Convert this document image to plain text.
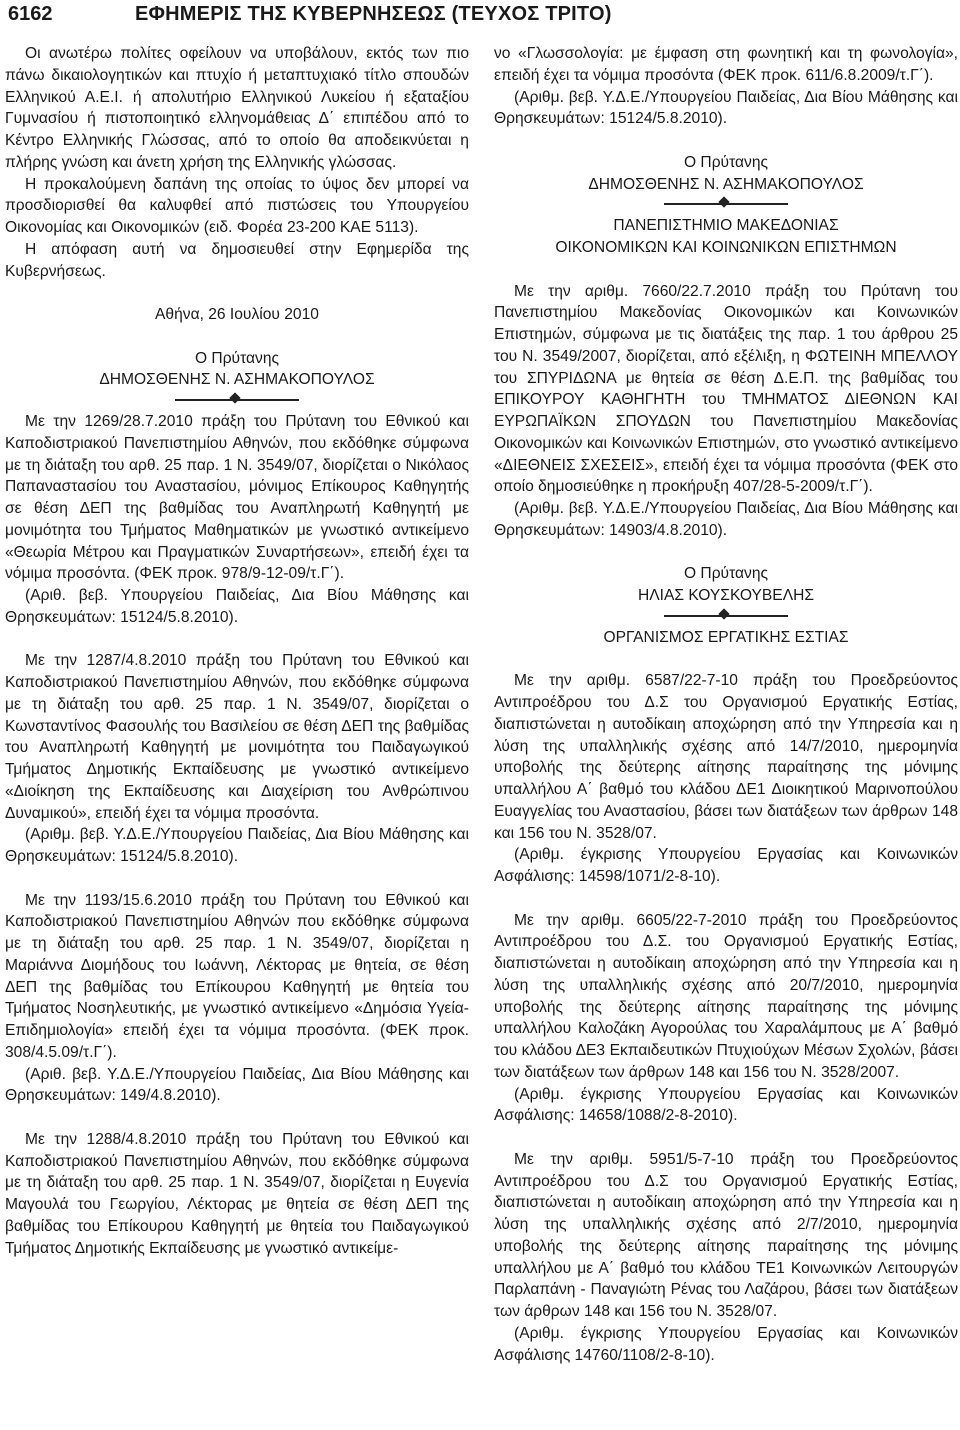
6162	ΕΦΗΜΕΡΙΣ ΤΗΣ ΚΥΒΕΡΝΗΣΕΩΣ (ΤΕΥΧΟΣ ΤΡΙΤΟ)

Οι ανωτέρω πολίτες οφείλουν να υποβάλουν, εκτός των πιο πάνω δικαιολογητικών και πτυχίο ή μεταπτυχιακό τίτλο σπουδών Ελληνικού Α.Ε.Ι. ή απολυτήριο Ελληνικού Λυκείου ή εξαταξίου Γυμνασίου ή πιστοποιητικό ελληνομάθειας Δ΄ επιπέδου από το Κέντρο Ελληνικής Γλώσσας, από το οποίο θα αποδεικνύεται η πλήρης γνώση και άνετη χρήση της Ελληνικής γλώσσας.

Η προκαλούμενη δαπάνη της οποίας το ύψος δεν μπορεί να προσδιορισθεί θα καλυφθεί από πιστώσεις του Υπουργείου Οικονομίας και Οικονομικών (ειδ. Φορέα 23-200 ΚΑΕ 5113).

Η απόφαση αυτή να δημοσιευθεί στην Εφημερίδα της Κυβερνήσεως.

Αθήνα, 26 Ιουλίου 2010
Ο Πρύτανης
ΔΗΜΟΣΘΕΝΗΣ Ν. ΑΣΗΜΑΚΟΠΟΥΛΟΣ

Με την 1269/28.7.2010 πράξη του Πρύτανη του Εθνικού και Καποδιστριακού Πανεπιστημίου Αθηνών, που εκδόθηκε σύμφωνα με τη διάταξη του αρθ. 25 παρ. 1 Ν. 3549/07, διορίζεται ο Νικόλαος Παπαναστασίου του Αναστασίου, μόνιμος Επίκουρος Καθηγητής σε θέση ΔΕΠ της βαθμίδας του Αναπληρωτή Καθηγητή με μονιμότητα του Τμήματος Μαθηματικών με γνωστικό αντικείμενο «Θεωρία Μέτρου και Πραγματικών Συναρτήσεων», επειδή έχει τα νόμιμα προσόντα. (ΦΕΚ προκ. 978/9-12-09/τ.Γ΄).

(Αριθ. βεβ. Υπουργείου Παιδείας, Δια Βίου Μάθησης και Θρησκευμάτων: 15124/5.8.2010).

Με την 1287/4.8.2010 πράξη του Πρύτανη του Εθνικού και Καποδιστριακού Πανεπιστημίου Αθηνών, που εκδόθηκε σύμφωνα με τη διάταξη του αρθ. 25 παρ. 1 Ν. 3549/07, διορίζεται ο Κωνσταντίνος Φασουλής του Βασιλείου σε θέση ΔΕΠ της βαθμίδας του Αναπληρωτή Καθηγητή με μονιμότητα του Παιδαγωγικού Τμήματος Δημοτικής Εκπαίδευσης με γνωστικό αντικείμενο «Διοίκηση της Εκπαίδευσης και Διαχείριση του Ανθρώπινου Δυναμικού», επειδή έχει τα νόμιμα προσόντα.

(Αριθμ. βεβ. Υ.Δ.Ε./Υπουργείου Παιδείας, Δια Βίου Μάθησης και Θρησκευμάτων: 15124/5.8.2010).

Με την 1193/15.6.2010 πράξη του Πρύτανη του Εθνικού και Καποδιστριακού Πανεπιστημίου Αθηνών που εκδόθηκε σύμφωνα με τη διάταξη του αρθ. 25 παρ. 1 Ν. 3549/07, διορίζεται η Μαριάννα Διομήδους του Ιωάννη, Λέκτορας με θητεία, σε θέση ΔΕΠ της βαθμίδας του Επίκουρου Καθηγητή με θητεία του Τμήματος Νοσηλευτικής, με γνωστικό αντικείμενο «Δημόσια Υγεία-Επιδημιολογία» επειδή έχει τα νόμιμα προσόντα. (ΦΕΚ προκ. 308/4.5.09/τ.Γ΄).

(Αριθ. βεβ. Υ.Δ.Ε./Υπουργείου Παιδείας, Δια Βίου Μάθησης και Θρησκευμάτων: 149/4.8.2010).

Με την 1288/4.8.2010 πράξη του Πρύτανη του Εθνικού και Καποδιστριακού Πανεπιστημίου Αθηνών, που εκδόθηκε σύμφωνα με τη διάταξη του αρθ. 25 παρ. 1 Ν. 3549/07, διορίζεται η Ευγενία Μαγουλά του Γεωργίου, Λέκτορας με θητεία σε θέση ΔΕΠ της βαθμίδας του Επίκουρου Καθηγητή με θητεία του Παιδαγωγικού Τμήματος Δημοτικής Εκπαίδευσης με γνωστικό αντικείμε-

νο «Γλωσσολογία: με έμφαση στη φωνητική και τη φωνολογία», επειδή έχει τα νόμιμα προσόντα (ΦΕΚ προκ. 611/6.8.2009/τ.Γ΄).

(Αριθμ. βεβ. Υ.Δ.Ε./Υπουργείου Παιδείας, Δια Βίου Μάθησης και Θρησκευμάτων: 15124/5.8.2010).

Ο Πρύτανης
ΔΗΜΟΣΘΕΝΗΣ Ν. ΑΣΗΜΑΚΟΠΟΥΛΟΣ
ΠΑΝΕΠΙΣΤΗΜΙΟ ΜΑΚΕΔΟΝΙΑΣ
ΟΙΚΟΝΟΜΙΚΩΝ ΚΑΙ ΚΟΙΝΩΝΙΚΩΝ ΕΠΙΣΤΗΜΩΝ

Με την αριθμ. 7660/22.7.2010 πράξη του Πρύτανη του Πανεπιστημίου Μακεδονίας Οικονομικών και Κοινωνικών Επιστημών, σύμφωνα με τις διατάξεις της παρ. 1 του άρθρου 25 του Ν. 3549/2007, διορίζεται, από εξέλιξη, η ΦΩΤΕΙΝΗ ΜΠΕΛΛΟΥ του ΣΠΥΡΙΔΩΝΑ με θητεία σε θέση Δ.Ε.Π. της βαθμίδας του ΕΠΙΚΟΥΡΟΥ ΚΑΘΗΓΗΤΗ του ΤΜΗΜΑΤΟΣ ΔΙΕΘΝΩΝ ΚΑΙ ΕΥΡΩΠΑΪΚΩΝ ΣΠΟΥΔΩΝ του Πανεπιστημίου Μακεδονίας Οικονομικών και Κοινωνικών Επιστημών, στο γνωστικό αντικείμενο «ΔΙΕΘΝΕΙΣ ΣΧΕΣΕΙΣ», επειδή έχει τα νόμιμα προσόντα (ΦΕΚ στο οποίο δημοσιεύθηκε η προκήρυξη 407/28-5-2009/τ.Γ΄).

(Αριθμ. βεβ. Υ.Δ.Ε./Υπουργείου Παιδείας, Δια Βίου Μάθησης και Θρησκευμάτων: 14903/4.8.2010).

Ο Πρύτανης
ΗΛΙΑΣ ΚΟΥΣΚΟΥΒΕΛΗΣ
ΟΡΓΑΝΙΣΜΟΣ ΕΡΓΑΤΙΚΗΣ ΕΣΤΙΑΣ

Με την αριθμ. 6587/22-7-10 πράξη του Προεδρεύοντος Αντιπροέδρου του Δ.Σ του Οργανισμού Εργατικής Εστίας, διαπιστώνεται η αυτοδίκαιη αποχώρηση από την Υπηρεσία και η λύση της υπαλληλικής σχέσης από 14/7/2010, ημερομηνία υποβολής της δεύτερης αίτησης παραίτησης της μόνιμης υπαλλήλου Α΄ βαθμό του κλάδου ΔΕ1 Διοικητικού Μαρινοπούλου Ευαγγελίας του Αναστασίου, βάσει των διατάξεων των άρθρων 148 και 156 του Ν. 3528/07.

(Αριθμ. έγκρισης Υπουργείου Εργασίας και Κοινωνικών Ασφάλισης: 14598/1071/2-8-10).

Με την αριθμ. 6605/22-7-2010 πράξη του Προεδρεύοντος Αντιπροέδρου του Δ.Σ. του Οργανισμού Εργατικής Εστίας, διαπιστώνεται η αυτοδίκαιη αποχώρηση από την Υπηρεσία και η λύση της υπαλληλικής σχέσης από 20/7/2010, ημερομηνία υποβολής της δεύτερης αίτησης παραίτησης της μόνιμης υπαλλήλου Καλοζάκη Αγορούλας του Χαραλάμπους με Α΄ βαθμό του κλάδου ΔΕ3 Εκπαιδευτικών Πτυχιούχων Μέσων Σχολών, βάσει των διατάξεων των άρθρων 148 και 156 του Ν. 3528/2007.

(Αριθμ. έγκρισης Υπουργείου Εργασίας και Κοινωνικών Ασφάλισης: 14658/1088/2-8-2010).

Με την αριθμ. 5951/5-7-10 πράξη του Προεδρεύοντος Αντιπροέδρου του Δ.Σ του Οργανισμού Εργατικής Εστίας, διαπιστώνεται η αυτοδίκαιη αποχώρηση από την Υπηρεσία και η λύση της υπαλληλικής σχέσης από 2/7/2010, ημερομηνία υποβολής της δεύτερης αίτησης παραίτησης της μόνιμης υπαλλήλου με Α΄ βαθμό του κλάδου ΤΕ1 Κοινωνικών Λειτουργών Παρλαπάνη - Παναγιώτη Ρένας του Λαζάρου, βάσει των διατάξεων των άρθρων 148 και 156 του Ν. 3528/07.

(Αριθμ. έγκρισης Υπουργείου Εργασίας και Κοινωνικών Ασφάλισης 14760/1108/2-8-10).
